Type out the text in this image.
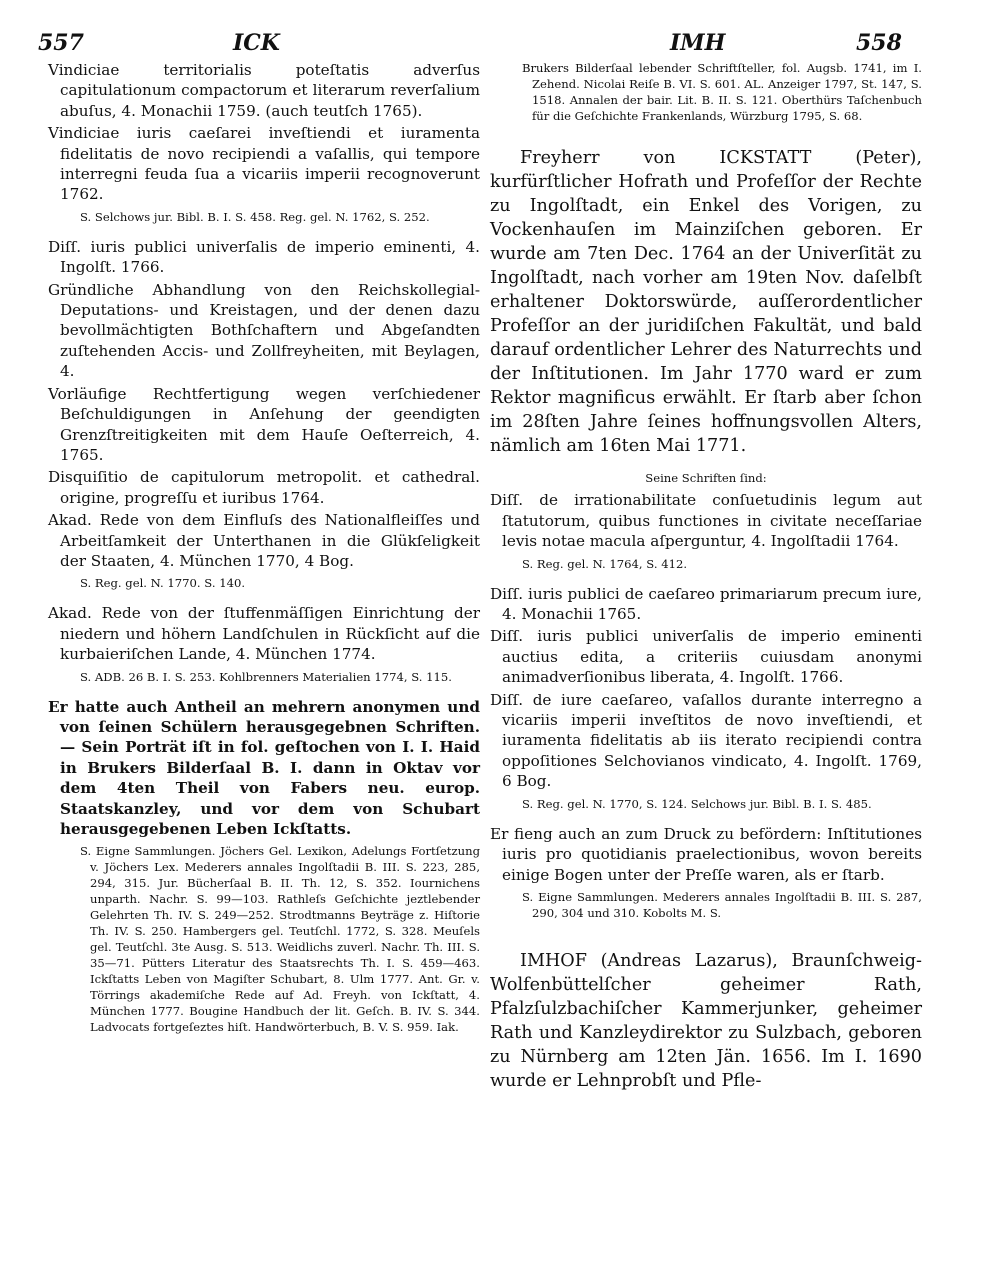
557	ICK	IMH	558

Vindiciae territorialis poteſtatis adverſus capitulationum compactorum et literarum reverſalium abuſus, 4. Monachii 1759. (auch teutſch 1765).

Vindiciae iuris caeſarei inveſtiendi et iuramenta fidelitatis de novo recipiendi a vaſallis, qui tempore interregni feuda ſua a vicariis imperii recognoverunt 1762.

S. Selchows jur. Bibl. B. I. S. 458. Reg. gel. N. 1762, S. 252.

Diſſ. iuris publici univerſalis de imperio eminenti, 4. Ingolſt. 1766.

Gründliche Abhandlung von den Reichskollegial-Deputations- und Kreistagen, und der denen dazu bevollmächtigten Bothſchaftern und Abgeſandten zuſtehenden Accis- und Zollfreyheiten, mit Beylagen, 4.

Vorläufige Rechtfertigung wegen verſchiedener Beſchuldigungen in Anſehung der geendigten Grenzſtreitigkeiten mit dem Hauſe Oeſterreich, 4. 1765.

Disquiſitio de capitulorum metropolit. et cathedral. origine, progreſſu et iuribus 1764.

Akad. Rede von dem Einfluſs des Nationalfleiſſes und Arbeitſamkeit der Unterthanen in die Glükſeligkeit der Staaten, 4. München 1770, 4 Bog.

S. Reg. gel. N. 1770. S. 140.

Akad. Rede von der ſtuffenmäſſigen Einrichtung der niedern und höhern Landſchulen in Rückſicht auf die kurbaieriſchen Lande, 4. München 1774.

S. ADB. 26 B. I. S. 253. Kohlbrenners Materialien 1774, S. 115.

Er hatte auch Antheil an mehrern anonymen und von ſeinen Schülern herausgegebnen Schriften.— Sein Porträt iſt in fol. geſtochen von I. I. Haid in Brukers Bilderſaal B. I. dann in Oktav vor dem 4ten Theil von Fabers neu. europ. Staatskanzley, und vor dem von Schubart herausgegebenen Leben Ickſtatts.

S. Eigne Sammlungen. Jöchers Gel. Lexikon, Adelungs Fortſetzung v. Jöchers Lex. Mederers annales Ingolſtadii B. III. S. 223, 285, 294, 315. Jur. Bücherſaal B. II. Th. 12, S. 352. Iournichens unparth. Nachr. S. 99—103. Rathleſs Geſchichte jeztlebender Gelehrten Th. IV. S. 249—252. Strodtmanns Beyträge z. Hiſtorie Th. IV. S. 250. Hambergers gel. Teutſchl. 1772, S. 328. Meuſels gel. Teutſchl. 3te Ausg. S. 513. Weidlichs zuverl. Nachr. Th. III. S. 35—71. Pütters Literatur des Staatsrechts Th. I. S. 459—463. Ickſtatts Leben von Magiſter Schubart, 8. Ulm 1777. Ant. Gr. v. Törrings akademiſche Rede auf Ad. Freyh. von Ickſtatt, 4. München 1777. Bougine Handbuch der lit. Geſch. B. IV. S. 344. Ladvocats fortgeſeztes hiſt. Handwörterbuch, B. V. S. 959. Iak.

Brukers Bilderſaal lebender Schriftſteller, fol. Augsb. 1741, im I. Zehend. Nicolai Reiſe B. VI. S. 601. AL. Anzeiger 1797, St. 147, S. 1518. Annalen der bair. Lit. B. II. S. 121. Oberthürs Taſchenbuch für die Geſchichte Frankenlands, Würzburg 1795, S. 68.

Freyherr von ICKSTATT (Peter), kurfürſtlicher Hofrath und Profeſſor der Rechte zu Ingolſtadt, ein Enkel des Vorigen, zu Vockenhauſen im Mainziſchen geboren. Er wurde am 7ten Dec. 1764 an der Univerſität zu Ingolſtadt, nach vorher am 19ten Nov. daſelbſt erhaltener Doktorswürde, auſſerordentlicher Profeſſor an der juridiſchen Fakultät, und bald darauf ordentlicher Lehrer des Naturrechts und der Inſtitutionen. Im Jahr 1770 ward er zum Rektor magnificus erwählt. Er ſtarb aber ſchon im 28ſten Jahre ſeines hoffnungsvollen Alters, nämlich am 16ten Mai 1771.

Seine Schriften ſind:

Diſſ. de irrationabilitate conſuetudinis legum aut ſtatutorum, quibus functiones in civitate neceſſariae levis notae macula aſperguntur, 4. Ingolſtadii 1764.

S. Reg. gel. N. 1764, S. 412.

Diſſ. iuris publici de caeſareo primariarum precum iure, 4. Monachii 1765.

Diſſ. iuris publici univerſalis de imperio eminenti auctius edita, a criteriis cuiusdam anonymi animadverſionibus liberata, 4. Ingolſt. 1766.

Diſſ. de iure caeſareo, vaſallos durante interregno a vicariis imperii inveſtitos de novo inveſtiendi, et iuramenta fidelitatis ab iis iterato recipiendi contra oppoſitiones Selchovianos vindicato, 4. Ingolſt. 1769, 6 Bog.

S. Reg. gel. N. 1770, S. 124. Selchows jur. Bibl. B. I. S. 485.

Er fieng auch an zum Druck zu befördern: Inſtitutiones iuris pro quotidianis praelectionibus, wovon bereits einige Bogen unter der Preſſe waren, als er ſtarb.

S. Eigne Sammlungen. Mederers annales Ingolſtadii B. III. S. 287, 290, 304 und 310. Kobolts M. S.

IMHOF (Andreas Lazarus), Braunſchweig-Wolfenbüttelſcher geheimer Rath, Pfalzſulzbachiſcher Kammerjunker, geheimer Rath und Kanzleydirektor zu Sulzbach, geboren zu Nürnberg am 12ten Jän. 1656. Im I. 1690 wurde er Lehnprobſt und Pfle-
